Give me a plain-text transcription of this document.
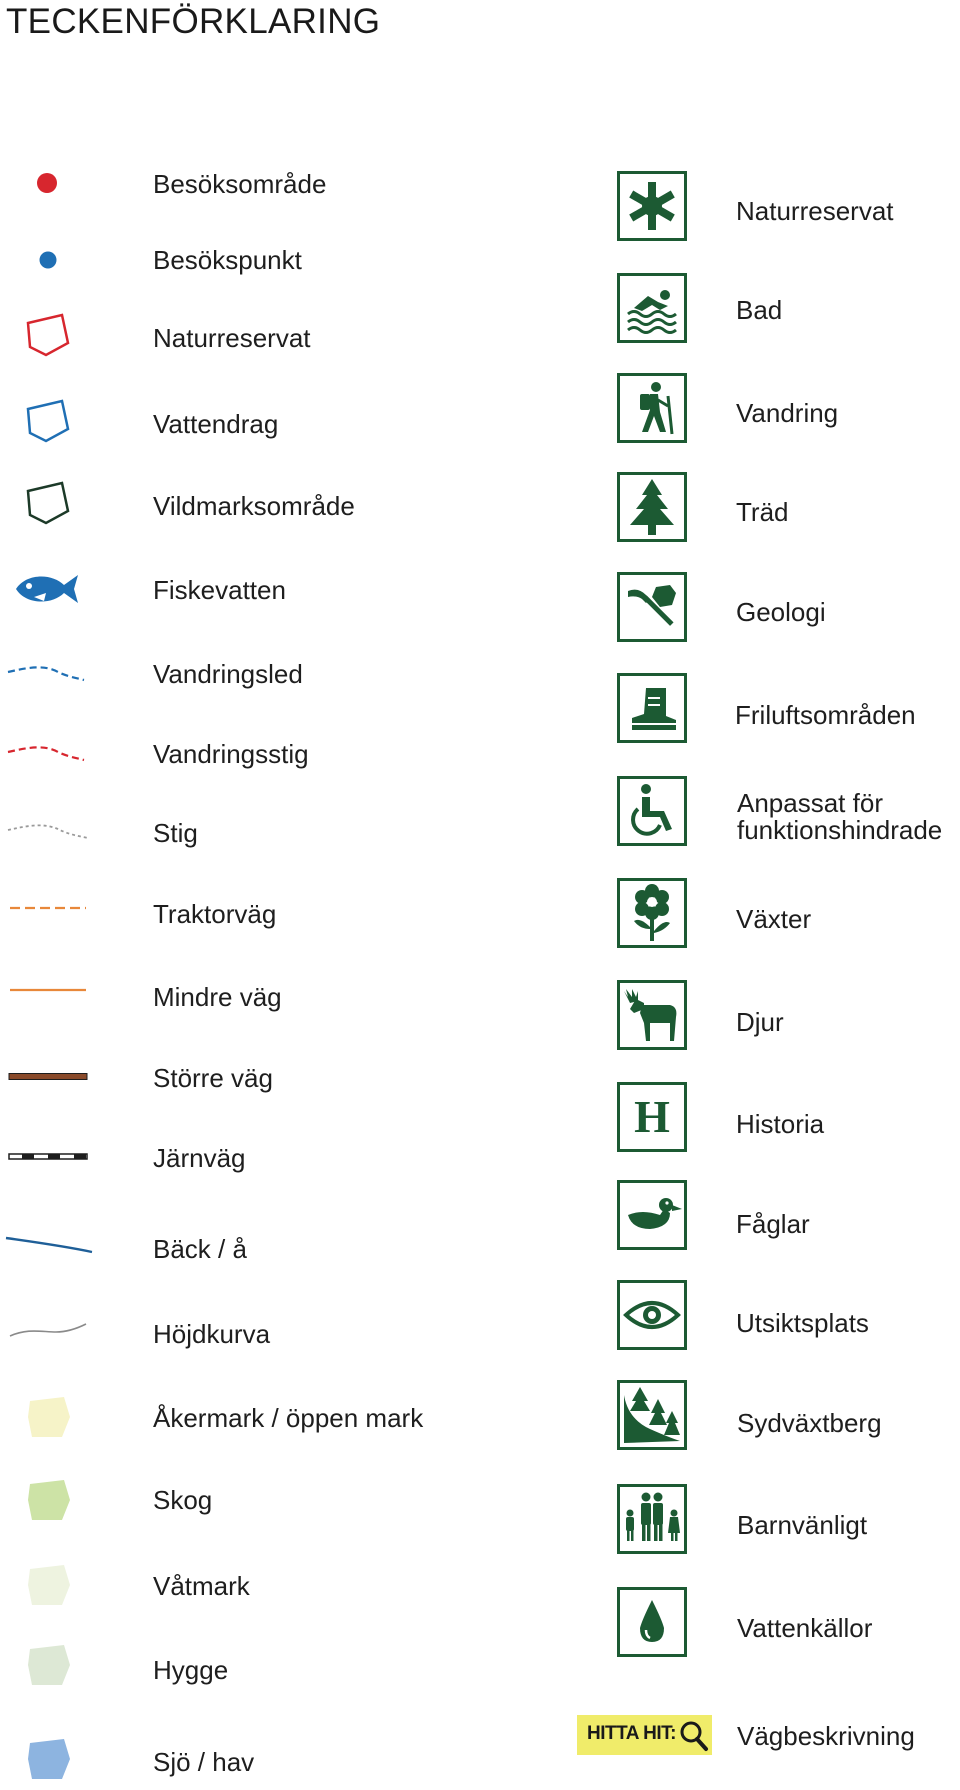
TECKENFÖRKLARING
Besöksområde
Besökspunkt
Naturreservat
Vattendrag
Vildmarksområde
Fiskevatten
Vandringsled
Vandringsstig
Stig
Traktorväg
Mindre väg
Större väg
Järnväg
Bäck / å
Höjdkurva
Åkermark / öppen mark
Skog
Våtmark
Hygge
Sjö / hav
H
Naturreservat
Bad
Vandring
Träd
Geologi
Friluftsområden
Anpassat för
funktionshindrade
Växter
Djur
Historia
Fåglar
Utsiktsplats
Sydväxtberg
Barnvänligt
Vattenkällor
HITTA HIT: Vägbeskrivning
